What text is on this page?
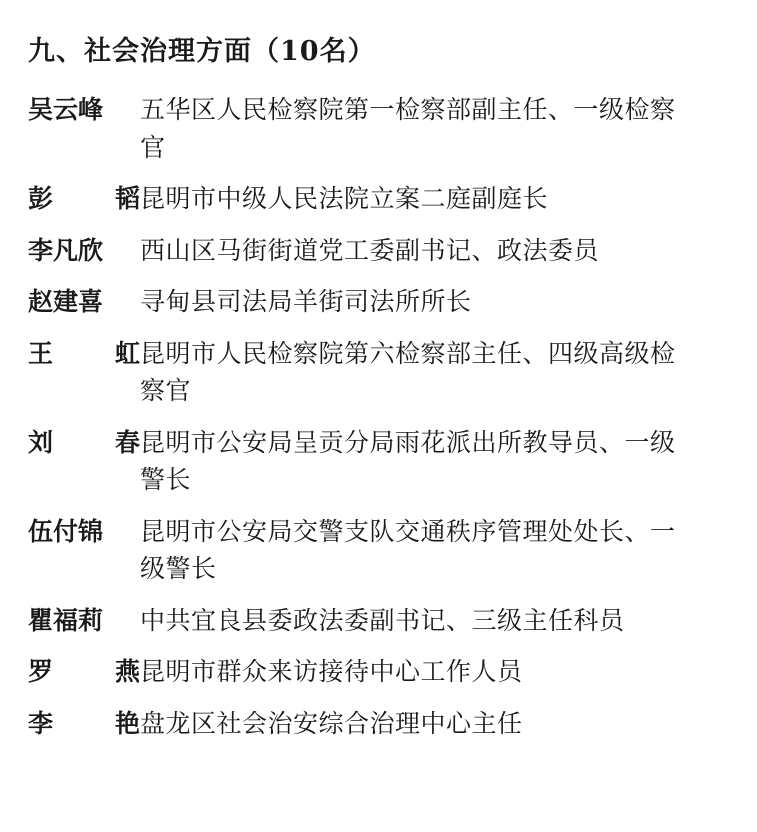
九、社会治理方面（10名）
吴云峰	五华区人民检察院第一检察部副主任、一级检察官
彭韬 昆明市中级人民法院立案二庭副庭长
李凡欣	西山区马街街道党工委副书记、政法委员
赵建喜	寻甸县司法局羊街司法所所长
王虹 昆明市人民检察院第六检察部主任、四级高级检察官
刘春 昆明市公安局呈贡分局雨花派出所教导员、一级警长
伍付锦	昆明市公安局交警支队交通秩序管理处处长、一级警长
瞿福莉	中共宜良县委政法委副书记、三级主任科员
罗燕 昆明市群众来访接待中心工作人员
李艳 盘龙区社会治安综合治理中心主任
